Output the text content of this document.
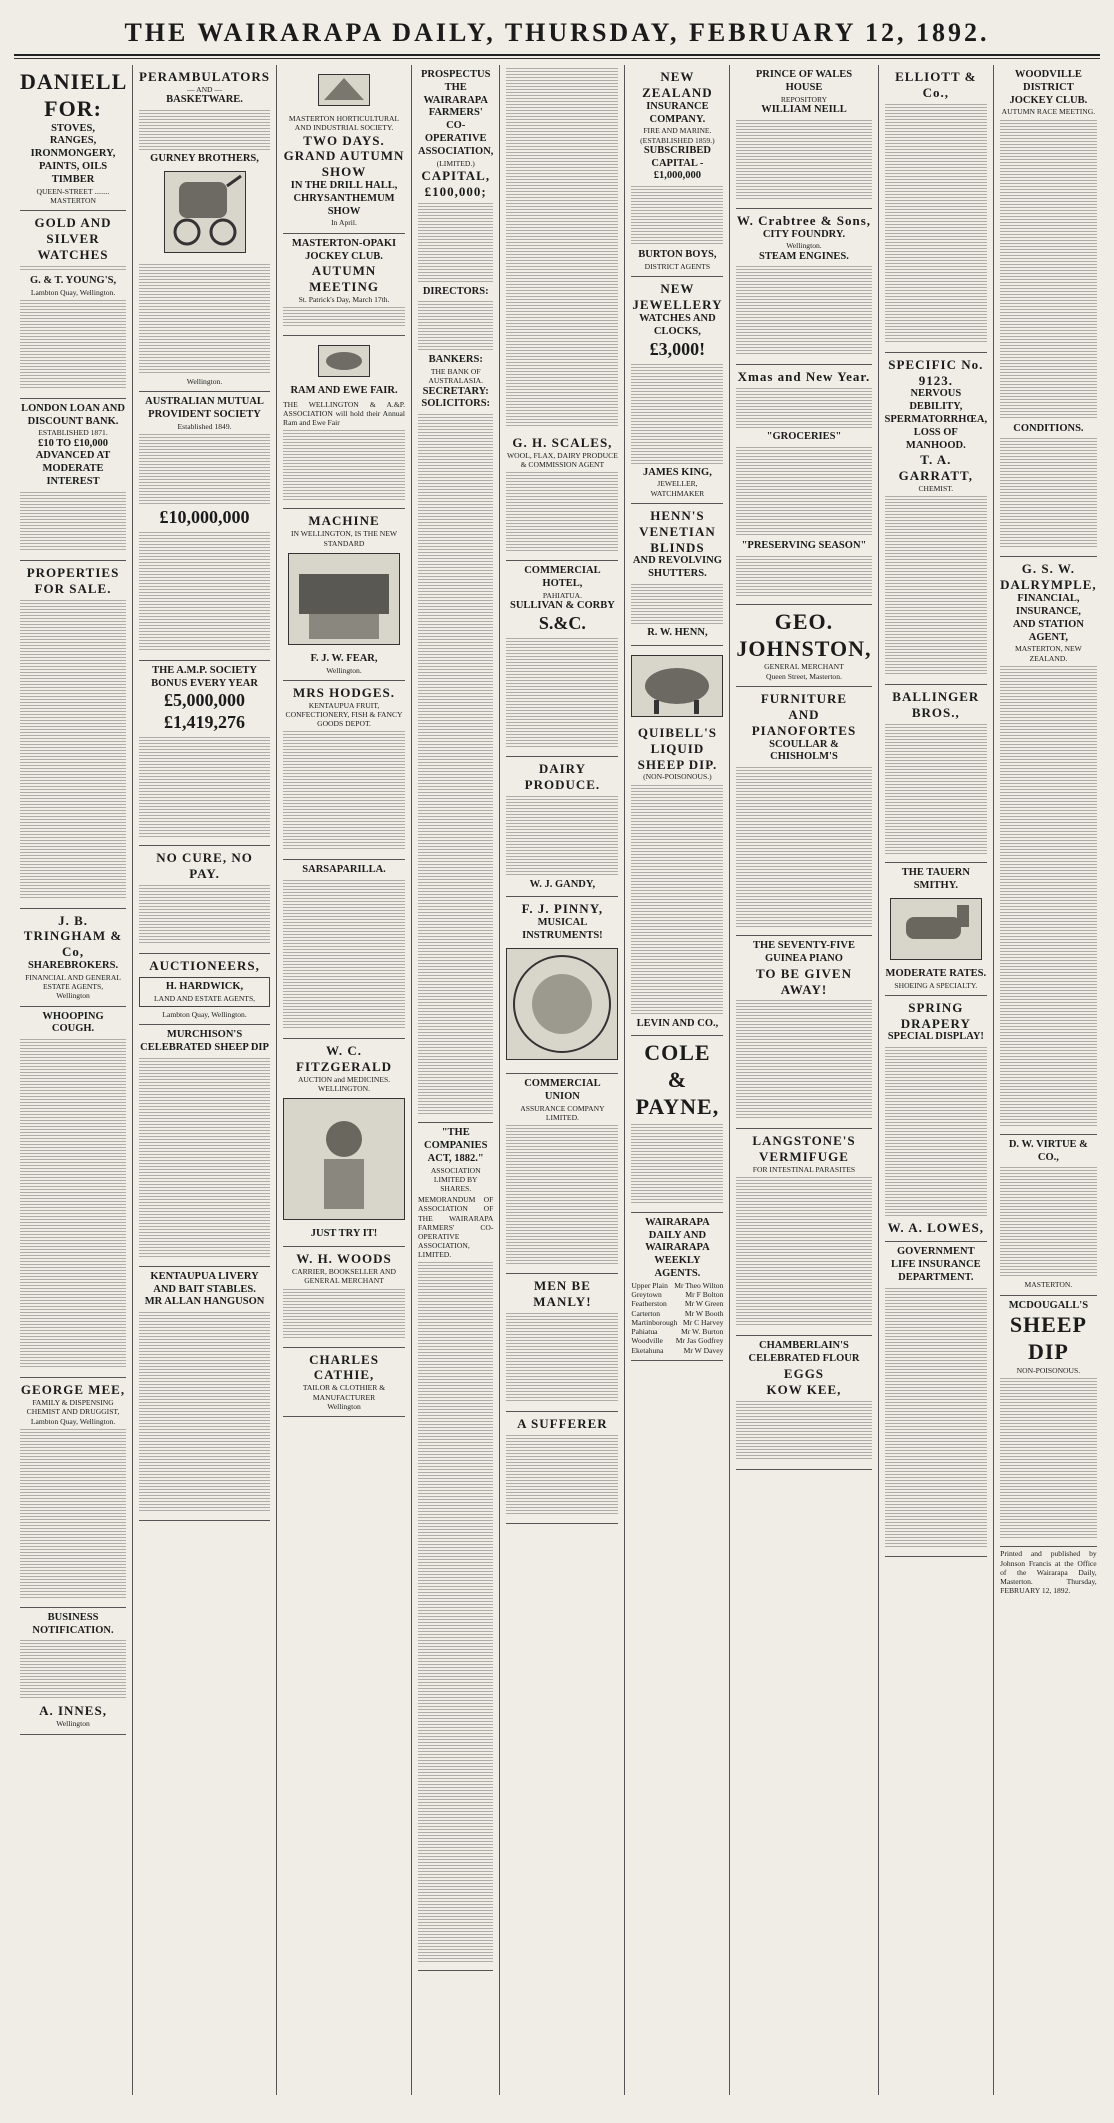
THE WAIRARAPA DAILY, THURSDAY, FEBRUARY 12, 1892.
DANIELL FOR:
STOVES,
RANGES,
IRONMONGERY,
PAINTS, OILS
TIMBER
QUEEN-STREET ........ MASTERTON
GOLD AND SILVER WATCHES
G. & T. YOUNG'S,
Lambton Quay, Wellington.
LONDON LOAN AND DISCOUNT BANK.
ESTABLISHED 1871.
£10 TO £10,000 ADVANCED AT MODERATE INTEREST
PROPERTIES FOR SALE.
J. B. TRINGHAM & Co,
SHAREBROKERS.
FINANCIAL AND GENERAL ESTATE AGENTS,
Wellington
WHOOPING COUGH.
GEORGE MEE,
FAMILY & DISPENSING CHEMIST AND DRUGGIST,
Lambton Quay, Wellington.
BUSINESS NOTIFICATION.
A. INNES,
Wellington
PERAMBULATORS
— AND —
BASKETWARE.
GURNEY BROTHERS,
Wellington.
AUSTRALIAN MUTUAL PROVIDENT SOCIETY
Established 1849.
£10,000,000
THE A.M.P. SOCIETY
BONUS EVERY YEAR
£5,000,000
£1,419,276
NO CURE, NO PAY.
AUCTIONEERS,
H. HARDWICK,
LAND AND ESTATE AGENTS,
Lambton Quay, Wellington.
MURCHISON'S CELEBRATED SHEEP DIP
KENTAUPUA LIVERY AND BAIT STABLES.
MR ALLAN HANGUSON
MASTERTON HORTICULTURAL AND INDUSTRIAL SOCIETY.
TWO DAYS.
GRAND AUTUMN SHOW
IN THE DRILL HALL,
CHRYSANTHEMUM SHOW
In April.
MASTERTON-OPAKI JOCKEY CLUB.
AUTUMN MEETING
St. Patrick's Day, March 17th.
RAM AND EWE FAIR.
THE WELLINGTON & A.&P. ASSOCIATION will hold their Annual Ram and Ewe Fair
MACHINE
IN WELLINGTON, IS THE NEW STANDARD
F. J. W. FEAR,
Wellington.
MRS HODGES.
KENTAUPUA FRUIT, CONFECTIONERY, FISH & FANCY GOODS DEPOT.
SARSAPARILLA.
W. C. FITZGERALD
AUCTION and MEDICINES.
WELLINGTON.
JUST TRY IT!
W. H. WOODS
CARRIER, BOOKSELLER AND GENERAL MERCHANT
CHARLES CATHIE,
TAILOR & CLOTHIER & MANUFACTURER
Wellington
PROSPECTUS
THE WAIRARAPA FARMERS' CO-OPERATIVE ASSOCIATION,
(LIMITED.)
CAPITAL, £100,000;
DIRECTORS:
BANKERS:
THE BANK OF AUSTRALASIA.
SECRETARY:
SOLICITORS:
"THE COMPANIES ACT, 1882."
ASSOCIATION LIMITED BY SHARES.
MEMORANDUM OF ASSOCIATION OF THE WAIRARAPA FARMERS' CO-OPERATIVE ASSOCIATION, LIMITED.
G. H. SCALES,
WOOL, FLAX, DAIRY PRODUCE & COMMISSION AGENT
COMMERCIAL HOTEL,
PAHIATUA.
SULLIVAN & CORBY
S.&C.
DAIRY PRODUCE.
W. J. GANDY,
F. J. PINNY,
MUSICAL INSTRUMENTS!
COMMERCIAL UNION
ASSURANCE COMPANY LIMITED.
MEN BE MANLY!
A SUFFERER
NEW ZEALAND
INSURANCE COMPANY.
FIRE AND MARINE.
(ESTABLISHED 1859.)
SUBSCRIBED CAPITAL - £1,000,000
BURTON BOYS,
DISTRICT AGENTS
NEW JEWELLERY
WATCHES AND CLOCKS,
£3,000!
JAMES KING,
JEWELLER, WATCHMAKER
HENN'S VENETIAN BLINDS
AND REVOLVING SHUTTERS.
R. W. HENN,
QUIBELL'S LIQUID SHEEP DIP.
(NON-POISONOUS.)
LEVIN AND CO.,
COLE & PAYNE,
WAIRARAPA DAILY AND WAIRARAPA WEEKLY AGENTS.
Upper Plain Mr Theo Wilton
Greytown	Mr F Bolton
Featherston Mr W Green
Carterton	Mr W Booth
Martinborough Mr C Harvey
Pahiatua	Mr W. Burton
Woodville Mr Jas Godfrey
Eketahuna	Mr W Davey
PRINCE OF WALES HOUSE
REPOSITORY
WILLIAM NEILL
W. Crabtree & Sons,
CITY FOUNDRY.
Wellington.
STEAM ENGINES.
Xmas and New Year.
"GROCERIES"
"PRESERVING SEASON"
GEO. JOHNSTON,
GENERAL MERCHANT
Queen Street, Masterton.
FURNITURE
AND PIANOFORTES
SCOULLAR & CHISHOLM'S
THE SEVENTY-FIVE GUINEA PIANO
TO BE GIVEN AWAY!
LANGSTONE'S VERMIFUGE
FOR INTESTINAL PARASITES
CHAMBERLAIN'S CELEBRATED FLOUR
EGGS
KOW KEE,
ELLIOTT & Co.,
SPECIFIC No. 9123.
NERVOUS DEBILITY,
SPERMATORRHŒA,
LOSS OF MANHOOD.
T. A. GARRATT,
CHEMIST.
BALLINGER BROS.,
THE TAUERN SMITHY.
MODERATE RATES.
SHOEING A SPECIALTY.
SPRING DRAPERY
SPECIAL DISPLAY!
W. A. LOWES,
GOVERNMENT LIFE INSURANCE DEPARTMENT.
WOODVILLE DISTRICT JOCKEY CLUB.
AUTUMN RACE MEETING.
CONDITIONS.
G. S. W. DALRYMPLE,
FINANCIAL, INSURANCE,
AND STATION AGENT,
MASTERTON, NEW ZEALAND.
D. W. VIRTUE & CO.,
MASTERTON.
MCDOUGALL'S
SHEEP DIP
NON-POISONOUS.
Printed and published by Johnson Francis at the Office of the Wairarapa Daily, Masterton. Thursday, FEBRUARY 12, 1892.
